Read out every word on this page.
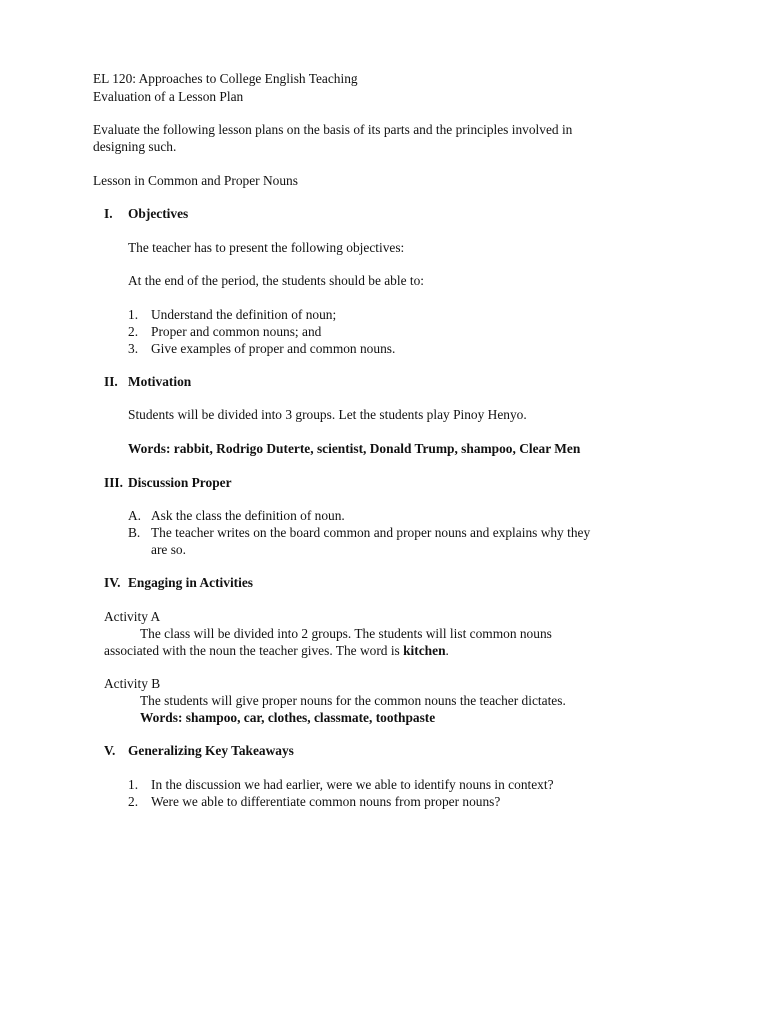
EL 120: Approaches to College English Teaching
Evaluation of a Lesson Plan
Evaluate the following lesson plans on the basis of its parts and the principles involved in
designing such.
Lesson in Common and Proper Nouns
I. Objectives
The teacher has to present the following objectives:
At the end of the period, the students should be able to:
1. Understand the definition of noun;
2. Proper and common nouns; and
3. Give examples of proper and common nouns.
II. Motivation
Students will be divided into 3 groups. Let the students play Pinoy Henyo.
Words: rabbit, Rodrigo Duterte, scientist, Donald Trump, shampoo, Clear Men
III. Discussion Proper
A. Ask the class the definition of noun.
B. The teacher writes on the board common and proper nouns and explains why they
are so.
IV. Engaging in Activities
Activity A
The class will be divided into 2 groups. The students will list common nouns
associated with the noun the teacher gives. The word is kitchen.
Activity B
The students will give proper nouns for the common nouns the teacher dictates.
Words: shampoo, car, clothes, classmate, toothpaste
V. Generalizing Key Takeaways
1. In the discussion we had earlier, were we able to identify nouns in context?
2. Were we able to differentiate common nouns from proper nouns?
